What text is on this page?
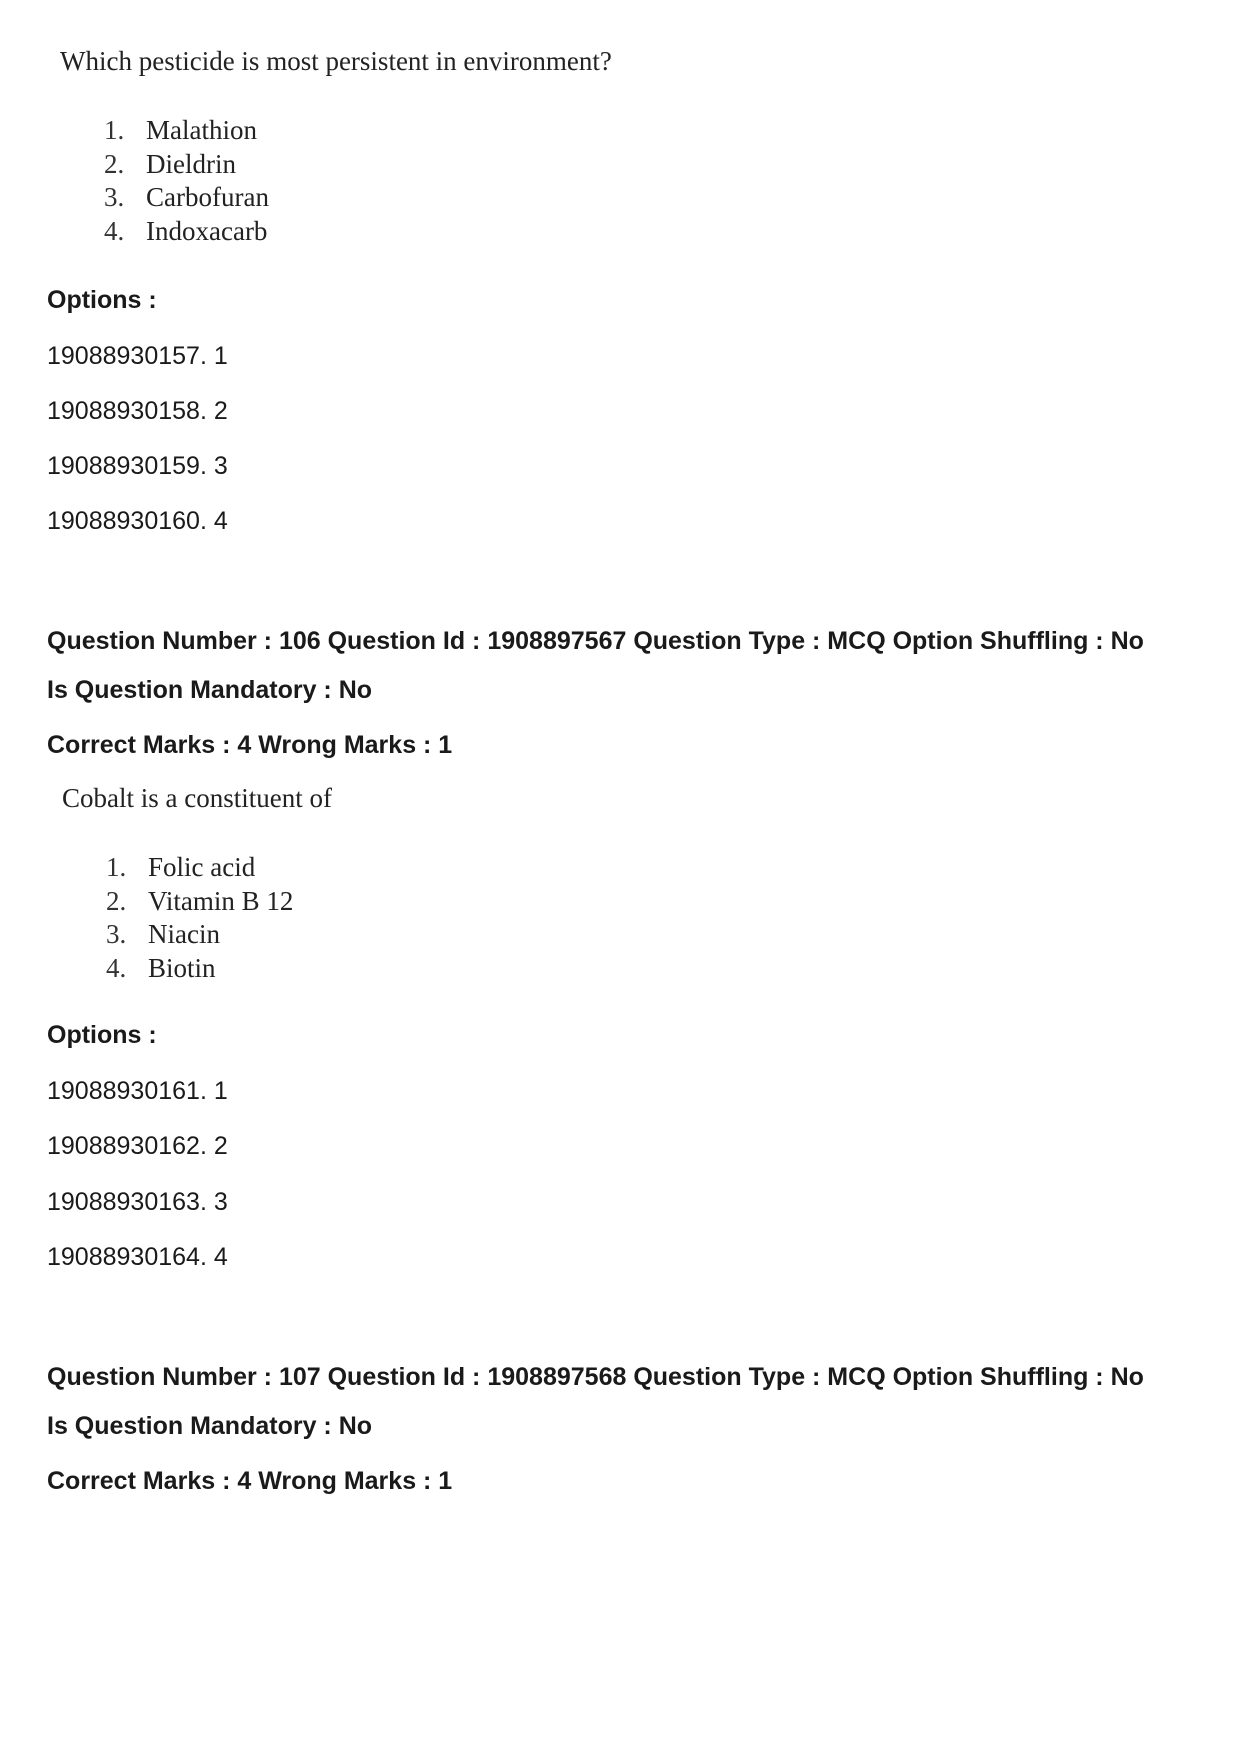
Which pesticide is most persistent in environment?

1. Malathion
2. Dieldrin
3. Carbofuran
4. Indoxacarb

Options :

19088930157. 1

19088930158. 2

19088930159. 3

19088930160. 4

Question Number : 106 Question Id : 1908897567 Question Type : MCQ Option Shuffling : No

Is Question Mandatory : No

Correct Marks : 4 Wrong Marks : 1

Cobalt is a constituent of

1. Folic acid
2. Vitamin B 12
3. Niacin
4. Biotin

Options :

19088930161. 1

19088930162. 2

19088930163. 3

19088930164. 4

Question Number : 107 Question Id : 1908897568 Question Type : MCQ Option Shuffling : No

Is Question Mandatory : No

Correct Marks : 4 Wrong Marks : 1
